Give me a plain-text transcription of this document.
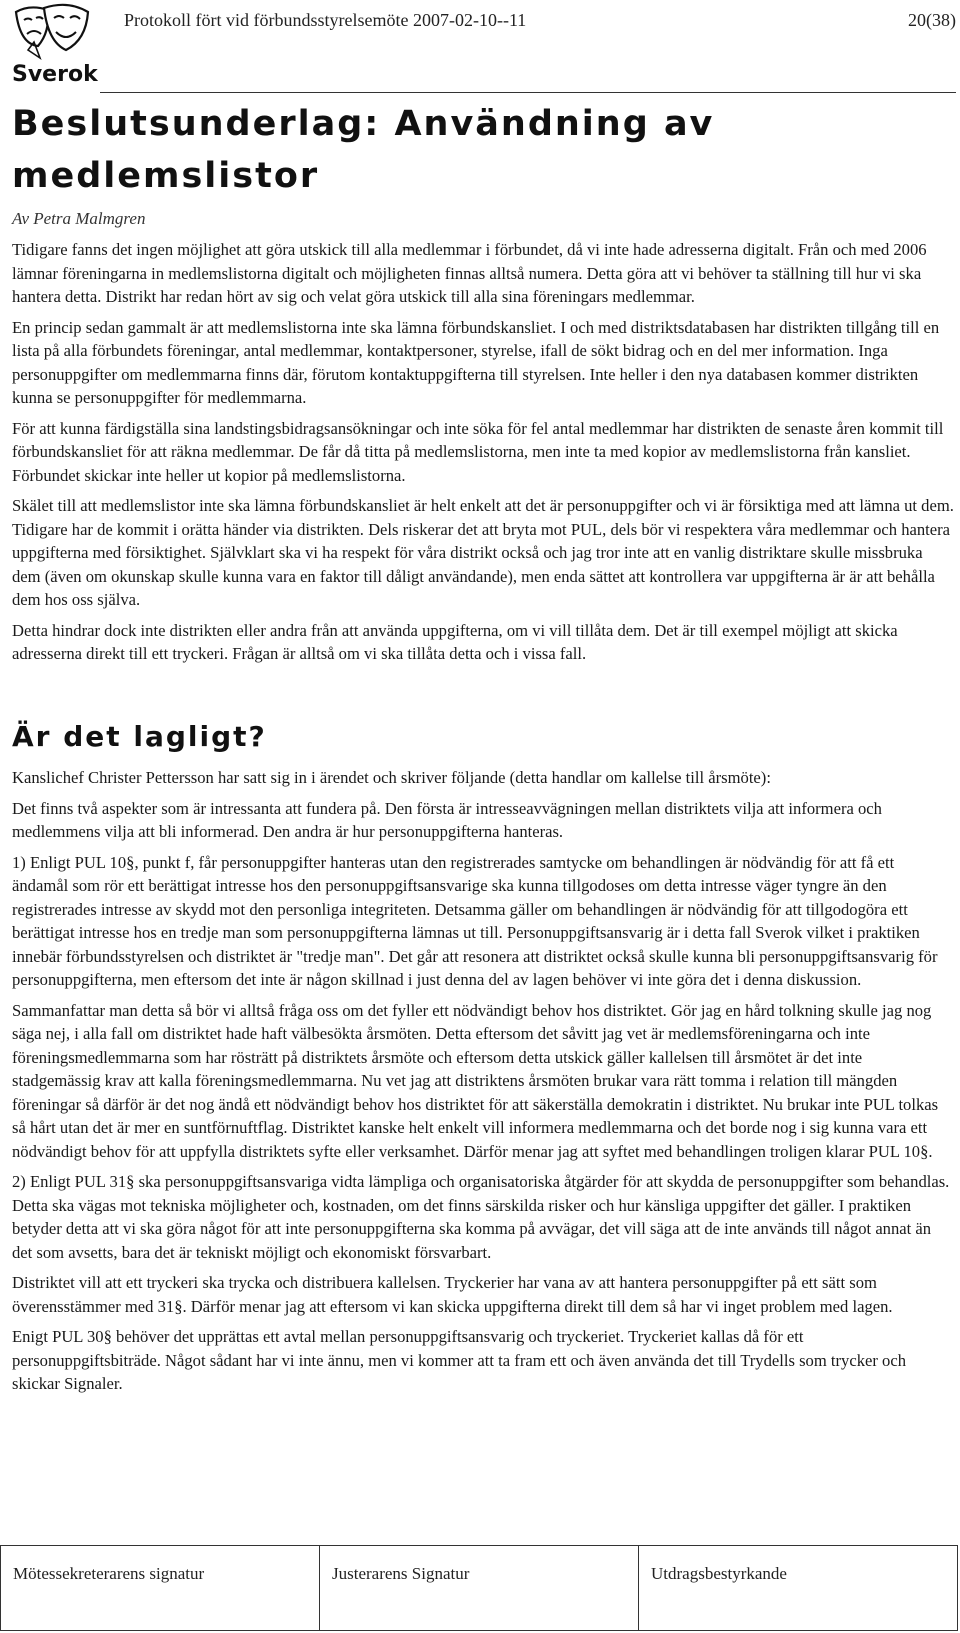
Sverok
Protokoll fört vid förbundsstyrelsemöte 2007-02-10--11	20(38)
Beslutsunderlag: Användning av medlemslistor
Av Petra Malmgren

Tidigare fanns det ingen möjlighet att göra utskick till alla medlemmar i förbundet, då vi inte hade adresserna digitalt. Från och med 2006 lämnar föreningarna in medlemslistorna digitalt och möjligheten finnas alltså numera. Detta göra att vi behöver ta ställning till hur vi ska hantera detta. Distrikt har redan hört av sig och velat göra utskick till alla sina föreningars medlemmar.

En princip sedan gammalt är att medlemslistorna inte ska lämna förbundskansliet. I och med distriktsdatabasen har distrikten tillgång till en lista på alla förbundets föreningar, antal medlemmar, kontaktpersoner, styrelse, ifall de sökt bidrag och en del mer information. Inga personuppgifter om medlemmarna finns där, förutom kontaktuppgifterna till styrelsen. Inte heller i den nya databasen kommer distrikten kunna se personuppgifter för medlemmarna.

För att kunna färdigställa sina landstingsbidragsansökningar och inte söka för fel antal medlemmar har distrikten de senaste åren kommit till förbundskansliet för att räkna medlemmar. De får då titta på medlemslistorna, men inte ta med kopior av medlemslistorna från kansliet. Förbundet skickar inte heller ut kopior på medlemslistorna.

Skälet till att medlemslistor inte ska lämna förbundskansliet är helt enkelt att det är personuppgifter och vi är försiktiga med att lämna ut dem. Tidigare har de kommit i orätta händer via distrikten. Dels riskerar det att bryta mot PUL, dels bör vi respektera våra medlemmar och hantera uppgifterna med försiktighet. Självklart ska vi ha respekt för våra distrikt också och jag tror inte att en vanlig distriktare skulle missbruka dem (även om okunskap skulle kunna vara en faktor till dåligt användande), men enda sättet att kontrollera var uppgifterna är är att behålla dem hos oss själva.

Detta hindrar dock inte distrikten eller andra från att använda uppgifterna, om vi vill tillåta dem. Det är till exempel möjligt att skicka adresserna direkt till ett tryckeri. Frågan är alltså om vi ska tillåta detta och i vissa fall.

Är det lagligt?

Kanslichef Christer Pettersson har satt sig in i ärendet och skriver följande (detta handlar om kallelse till årsmöte):

Det finns två aspekter som är intressanta att fundera på. Den första är intresseavvägningen mellan distriktets vilja att informera och medlemmens vilja att bli informerad. Den andra är hur personuppgifterna hanteras.

1) Enligt PUL 10§, punkt f, får personuppgifter hanteras utan den registrerades samtycke om behandlingen är nödvändig för att få ett ändamål som rör ett berättigat intresse hos den personuppgiftsansvarige ska kunna tillgodoses om detta intresse väger tyngre än den registrerades intresse av skydd mot den personliga integriteten. Detsamma gäller om behandlingen är nödvändig för att tillgodogöra ett berättigat intresse hos en tredje man som personuppgifterna lämnas ut till. Personuppgiftsansvarig är i detta fall Sverok vilket i praktiken innebär förbundsstyrelsen och distriktet är "tredje man". Det går att resonera att distriktet också skulle kunna bli personuppgiftsansvarig för personuppgifterna, men eftersom det inte är någon skillnad i just denna del av lagen behöver vi inte göra det i denna diskussion.

Sammanfattar man detta så bör vi alltså fråga oss om det fyller ett nödvändigt behov hos distriktet. Gör jag en hård tolkning skulle jag nog säga nej, i alla fall om distriktet hade haft välbesökta årsmöten. Detta eftersom det såvitt jag vet är medlemsföreningarna och inte föreningsmedlemmarna som har rösträtt på distriktets årsmöte och eftersom detta utskick gäller kallelsen till årsmötet är det inte stadgemässig krav att kalla föreningsmedlemmarna. Nu vet jag att distriktens årsmöten brukar vara rätt tomma i relation till mängden föreningar så därför är det nog ändå ett nödvändigt behov hos distriktet för att säkerställa demokratin i distriktet. Nu brukar inte PUL tolkas så hårt utan det är mer en suntförnuftflag. Distriktet kanske helt enkelt vill informera medlemmarna och det borde nog i sig kunna vara ett nödvändigt behov för att uppfylla distriktets syfte eller verksamhet. Därför menar jag att syftet med behandlingen troligen klarar PUL 10§.

2) Enligt PUL 31§ ska personuppgiftsansvariga vidta lämpliga och organisatoriska åtgärder för att skydda de personuppgifter som behandlas. Detta ska vägas mot tekniska möjligheter och, kostnaden, om det finns särskilda risker och hur känsliga uppgifter det gäller. I praktiken betyder detta att vi ska göra något för att inte personuppgifterna ska komma på avvägar, det vill säga att de inte används till något annat än det som avsetts, bara det är tekniskt möjligt och ekonomiskt försvarbart.

Distriktet vill att ett tryckeri ska trycka och distribuera kallelsen. Tryckerier har vana av att hantera personuppgifter på ett sätt som överensstämmer med 31§. Därför menar jag att eftersom vi kan skicka uppgifterna direkt till dem så har vi inget problem med lagen.

Enigt PUL 30§ behöver det upprättas ett avtal mellan personuppgiftsansvarig och tryckeriet. Tryckeriet kallas då för ett personuppgiftsbiträde. Något sådant har vi inte ännu, men vi kommer att ta fram ett och även använda det till Trydells som trycker och skickar Signaler.

Mötessekreterarens signatur	Justerarens Signatur	Utdragsbestyrkande
